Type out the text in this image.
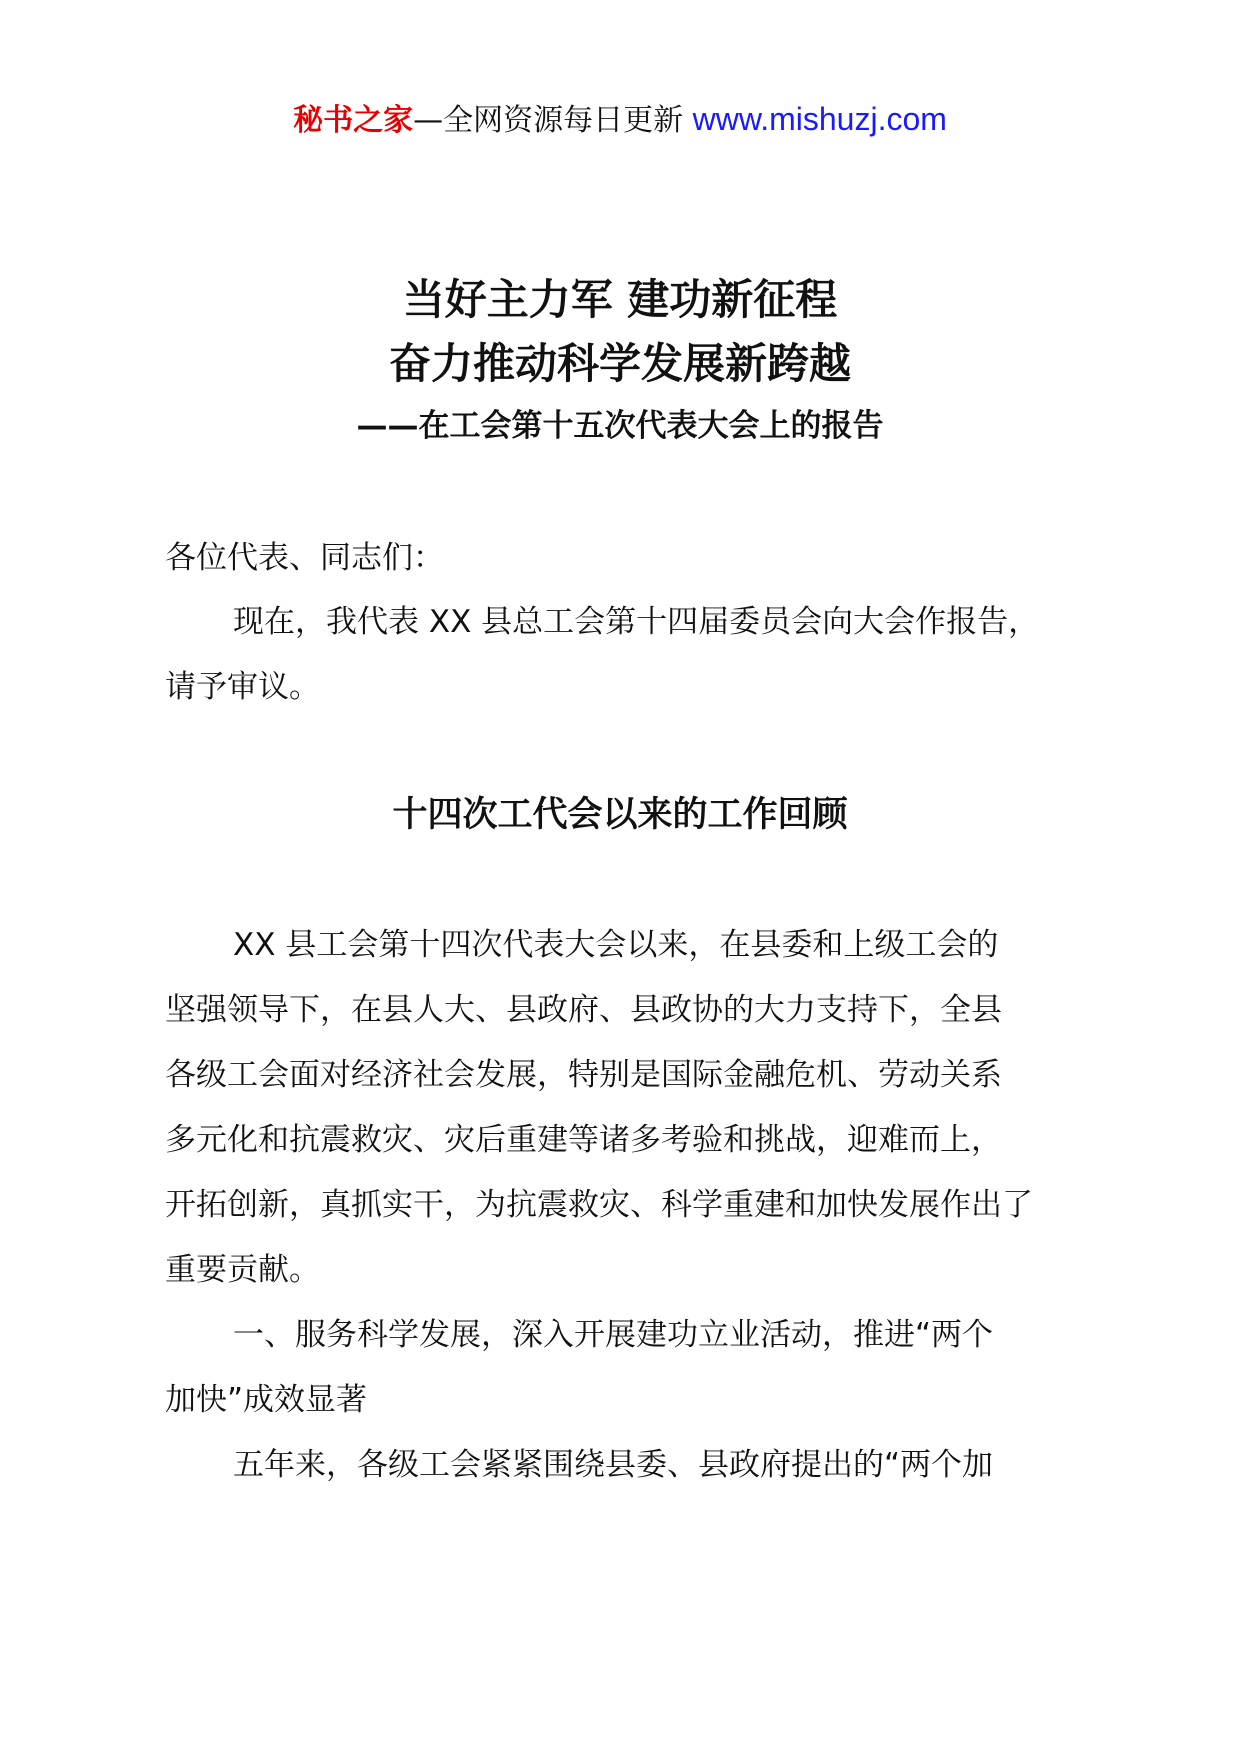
秘书之家—全网资源每日更新 www.mishuzj.com
当好主力军 建功新征程
奋力推动科学发展新跨越
——在工会第十五次代表大会上的报告
各位代表、同志们：
现在，我代表 XX 县总工会第十四届委员会向大会作报告，
请予审议。
十四次工代会以来的工作回顾
XX 县工会第十四次代表大会以来，在县委和上级工会的
坚强领导下，在县人大、县政府、县政协的大力支持下，全县
各级工会面对经济社会发展，特别是国际金融危机、劳动关系
多元化和抗震救灾、灾后重建等诸多考验和挑战，迎难而上，
开拓创新，真抓实干，为抗震救灾、科学重建和加快发展作出了
重要贡献。
一、服务科学发展，深入开展建功立业活动，推进“两个
加快”成效显著
五年来，各级工会紧紧围绕县委、县政府提出的“两个加
